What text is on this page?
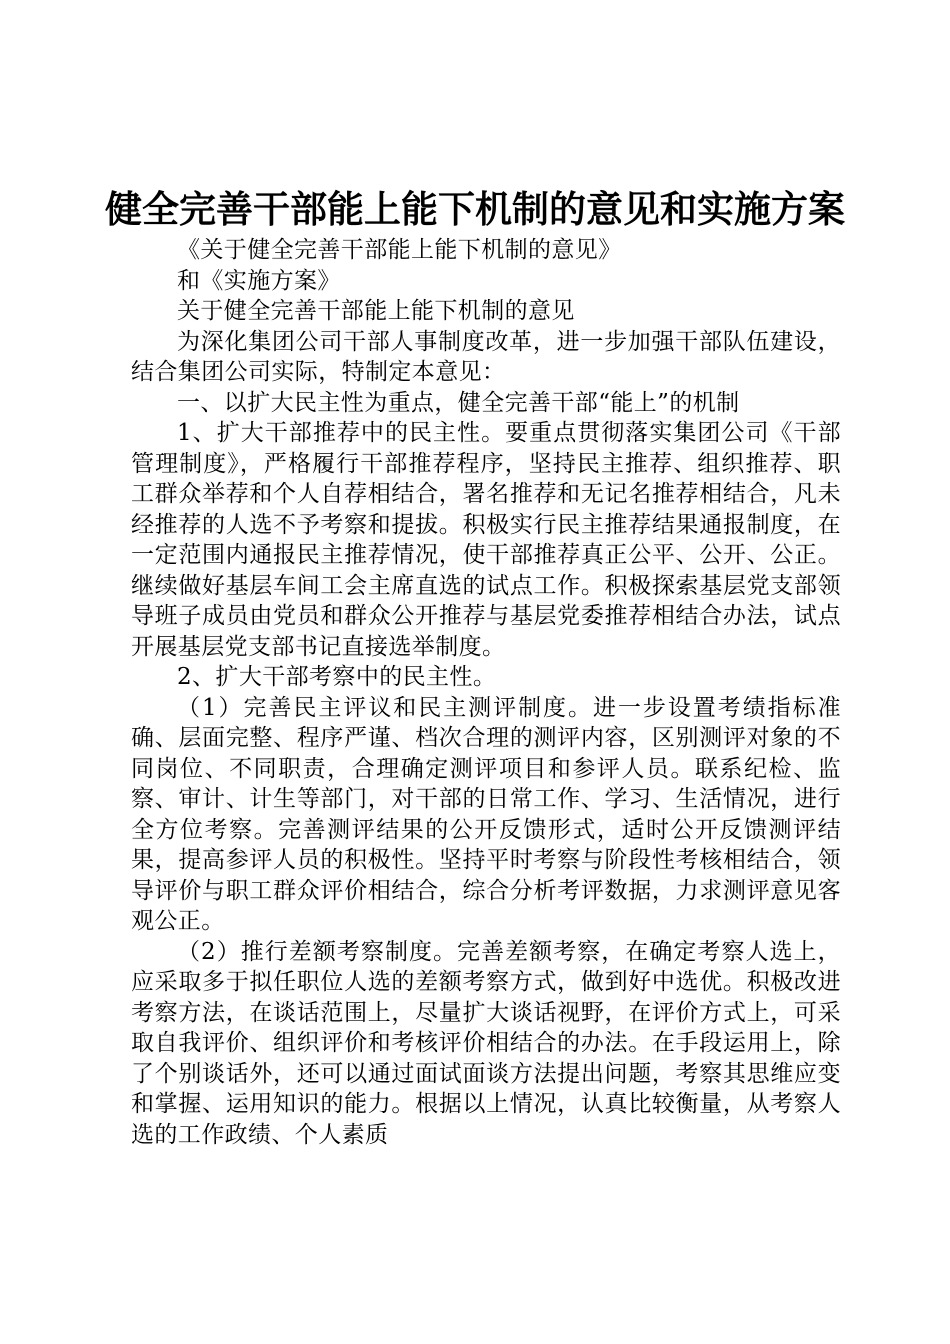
健全完善干部能上能下机制的意见和实施方案

《关于健全完善干部能上能下机制的意见》

和《实施方案》

关于健全完善干部能上能下机制的意见

为深化集团公司干部人事制度改革，进一步加强干部队伍建设，结合集团公司实际，特制定本意见：

一、以扩大民主性为重点，健全完善干部“能上”的机制

1、扩大干部推荐中的民主性。要重点贯彻落实集团公司《干部管理制度》，严格履行干部推荐程序，坚持民主推荐、组织推荐、职工群众举荐和个人自荐相结合，署名推荐和无记名推荐相结合，凡未经推荐的人选不予考察和提拔。积极实行民主推荐结果通报制度，在一定范围内通报民主推荐情况，使干部推荐真正公平、公开、公正。继续做好基层车间工会主席直选的试点工作。积极探索基层党支部领导班子成员由党员和群众公开推荐与基层党委推荐相结合办法，试点开展基层党支部书记直接选举制度。

2、扩大干部考察中的民主性。

（1）完善民主评议和民主测评制度。进一步设置考绩指标准确、层面完整、程序严谨、档次合理的测评内容，区别测评对象的不同岗位、不同职责，合理确定测评项目和参评人员。联系纪检、监察、审计、计生等部门，对干部的日常工作、学习、生活情况，进行全方位考察。完善测评结果的公开反馈形式，适时公开反馈测评结果，提高参评人员的积极性。坚持平时考察与阶段性考核相结合，领导评价与职工群众评价相结合，综合分析考评数据，力求测评意见客观公正。

（2）推行差额考察制度。完善差额考察，在确定考察人选上，应采取多于拟任职位人选的差额考察方式，做到好中选优。积极改进考察方法，在谈话范围上，尽量扩大谈话视野，在评价方式上，可采取自我评价、组织评价和考核评价相结合的办法。在手段运用上，除了个别谈话外，还可以通过面试面谈方法提出问题，考察其思维应变和掌握、运用知识的能力。根据以上情况，认真比较衡量，从考察人选的工作政绩、个人素质
